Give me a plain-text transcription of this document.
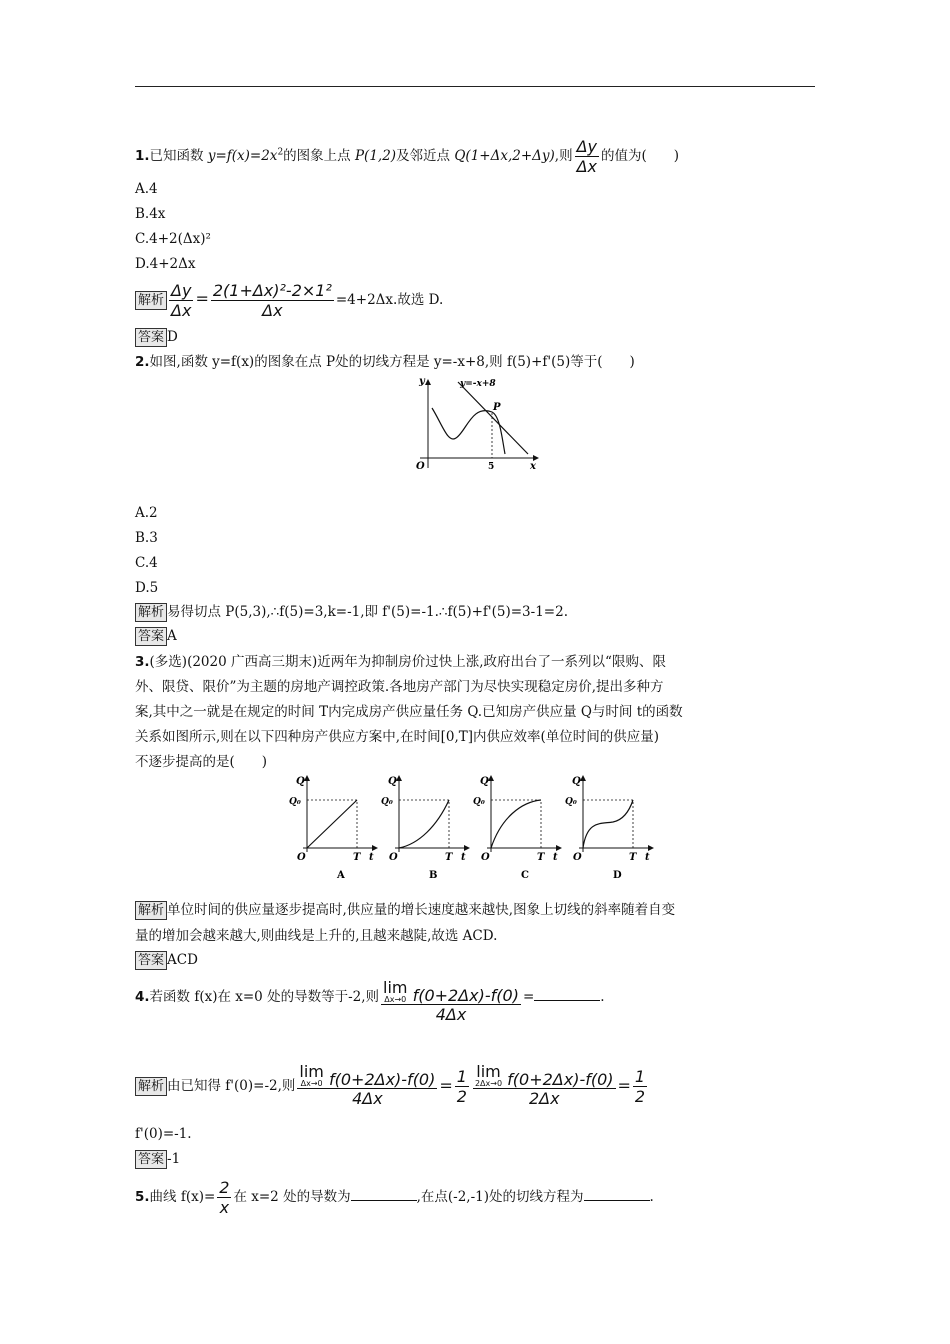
1.已知函数 $y=f(x)=2x^2$的图象上点 P(1,2)及邻近点 Q(1+Δx,2+Δy),则 $\frac{\Delta y}{\Delta x}$ 的值为(　　)
A.4
B.4x
C.4+2(Δx)²
D.4+2Δx
解析 $\frac{\Delta y}{\Delta x} = \frac{\text{2(1+Δx)²-2×1²}}{\Delta x} =4+2\Delta x$.故选 D.
答案 D
2.如图,函数 y=f(x)的图象在点 P处的切线方程是 y=-x+8,则 f(5)+f'(5)等于(　　)
y=-x+8
P
5
O	x
y
A.2
B.3
C.4
D.5
解析 易得切点 P(5,3),∴f(5)=3,k=-1,即 f'(5)=-1.∴f(5)+f'(5)=3-1=2.
答案 A
3.(多选)(2020 广西高三期末)近两年为抑制房价过快上涨,政府出台了一系列以“限购、限
外、限贷、限价”为主题的房地产调控政策.各地房产部门为尽快实现稳定房价,提出多种方
案,其中之一就是在规定的时间 T内完成房产供应量任务 Q.已知房产供应量 Q与时间 t的函数
关系如图所示,则在以下四种房产供应方案中,在时间[0,T]内供应效率(单位时间的供应量)
不逐步提高的是(　　)
Q
Q₀
O	T t
A
Q
Q₀
O	T t
B
Q
Q₀
O	T t
C
Q
Q₀
O	T t
D
解析 单位时间的供应量逐步提高时,供应量的增长速度越来越快,图象上切线的斜率随着自变
量的增加会越来越大,则曲线是上升的,且越来越陡,故选 ACD.
答案 ACD
4.若函数 f(x)在 x=0 处的导数等于-2,则 lim
Δx→0 f(0+2Δx)-f(0)
4Δx =	.
解析 由已知得 f'(0)=-2,则 lim
Δx→0 f(0+2Δx)-f(0)
$4\Delta x = \frac{1}{2}$ lim
2Δx→0 f(0+2Δx)-f(0)
$2\Delta x = \frac{1}{2}$
f'(0)=-1.
答案 -1
5.曲线 $f(x)= \frac{2}{x}$ 在 x=2 处的导数为	,在点(-2,-1)处的切线方程为	.
